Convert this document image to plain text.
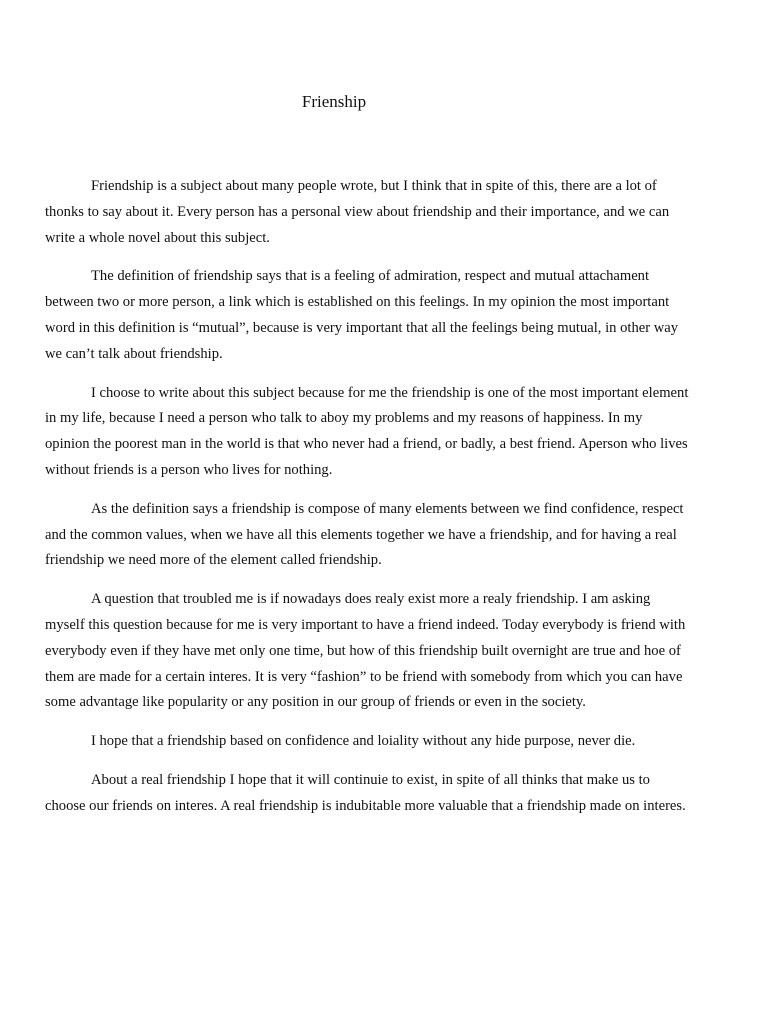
Frienship

Friendship is a subject about many people wrote, but I think that in spite of this, there are a lot of thonks to say about it. Every person has a personal view about friendship and their importance, and we can write a whole novel about this subject.

The definition of friendship says that is a feeling of admiration, respect and mutual attachament between two or more person, a link which is established on this feelings. In my opinion the most important word in this definition is “mutual”, because is very important that all the feelings being mutual, in other way we can’t talk about friendship.

I choose to write about this subject because for me the friendship is one of the most important element in my life, because I need a person who talk to aboy my problems and my reasons of happiness. In my opinion the poorest man in the world is that who never had a friend, or badly, a best friend. Aperson who lives without friends is a person who lives for nothing.

As the definition says a friendship is compose of many elements between we find confidence, respect and the common values, when we have all this elements together we have a friendship, and for having a real friendship we need more of the element called friendship.

A question that troubled me is if nowadays does realy exist more a realy friendship. I am asking myself this question because for me is very important to have a friend indeed. Today everybody is friend with everybody even if they have met only one time, but how of this friendship built overnight are true and hoe of them are made for a certain interes. It is very “fashion” to be friend with somebody from which you can have some advantage like popularity or any position in our group of friends or even in the society.

I hope that a friendship based on confidence and loiality without any hide purpose, never die.

About a real friendship I hope that it will continuie to exist, in spite of all thinks that make us to choose our friends on interes. A real friendship is indubitable more valuable that a friendship made on interes.
